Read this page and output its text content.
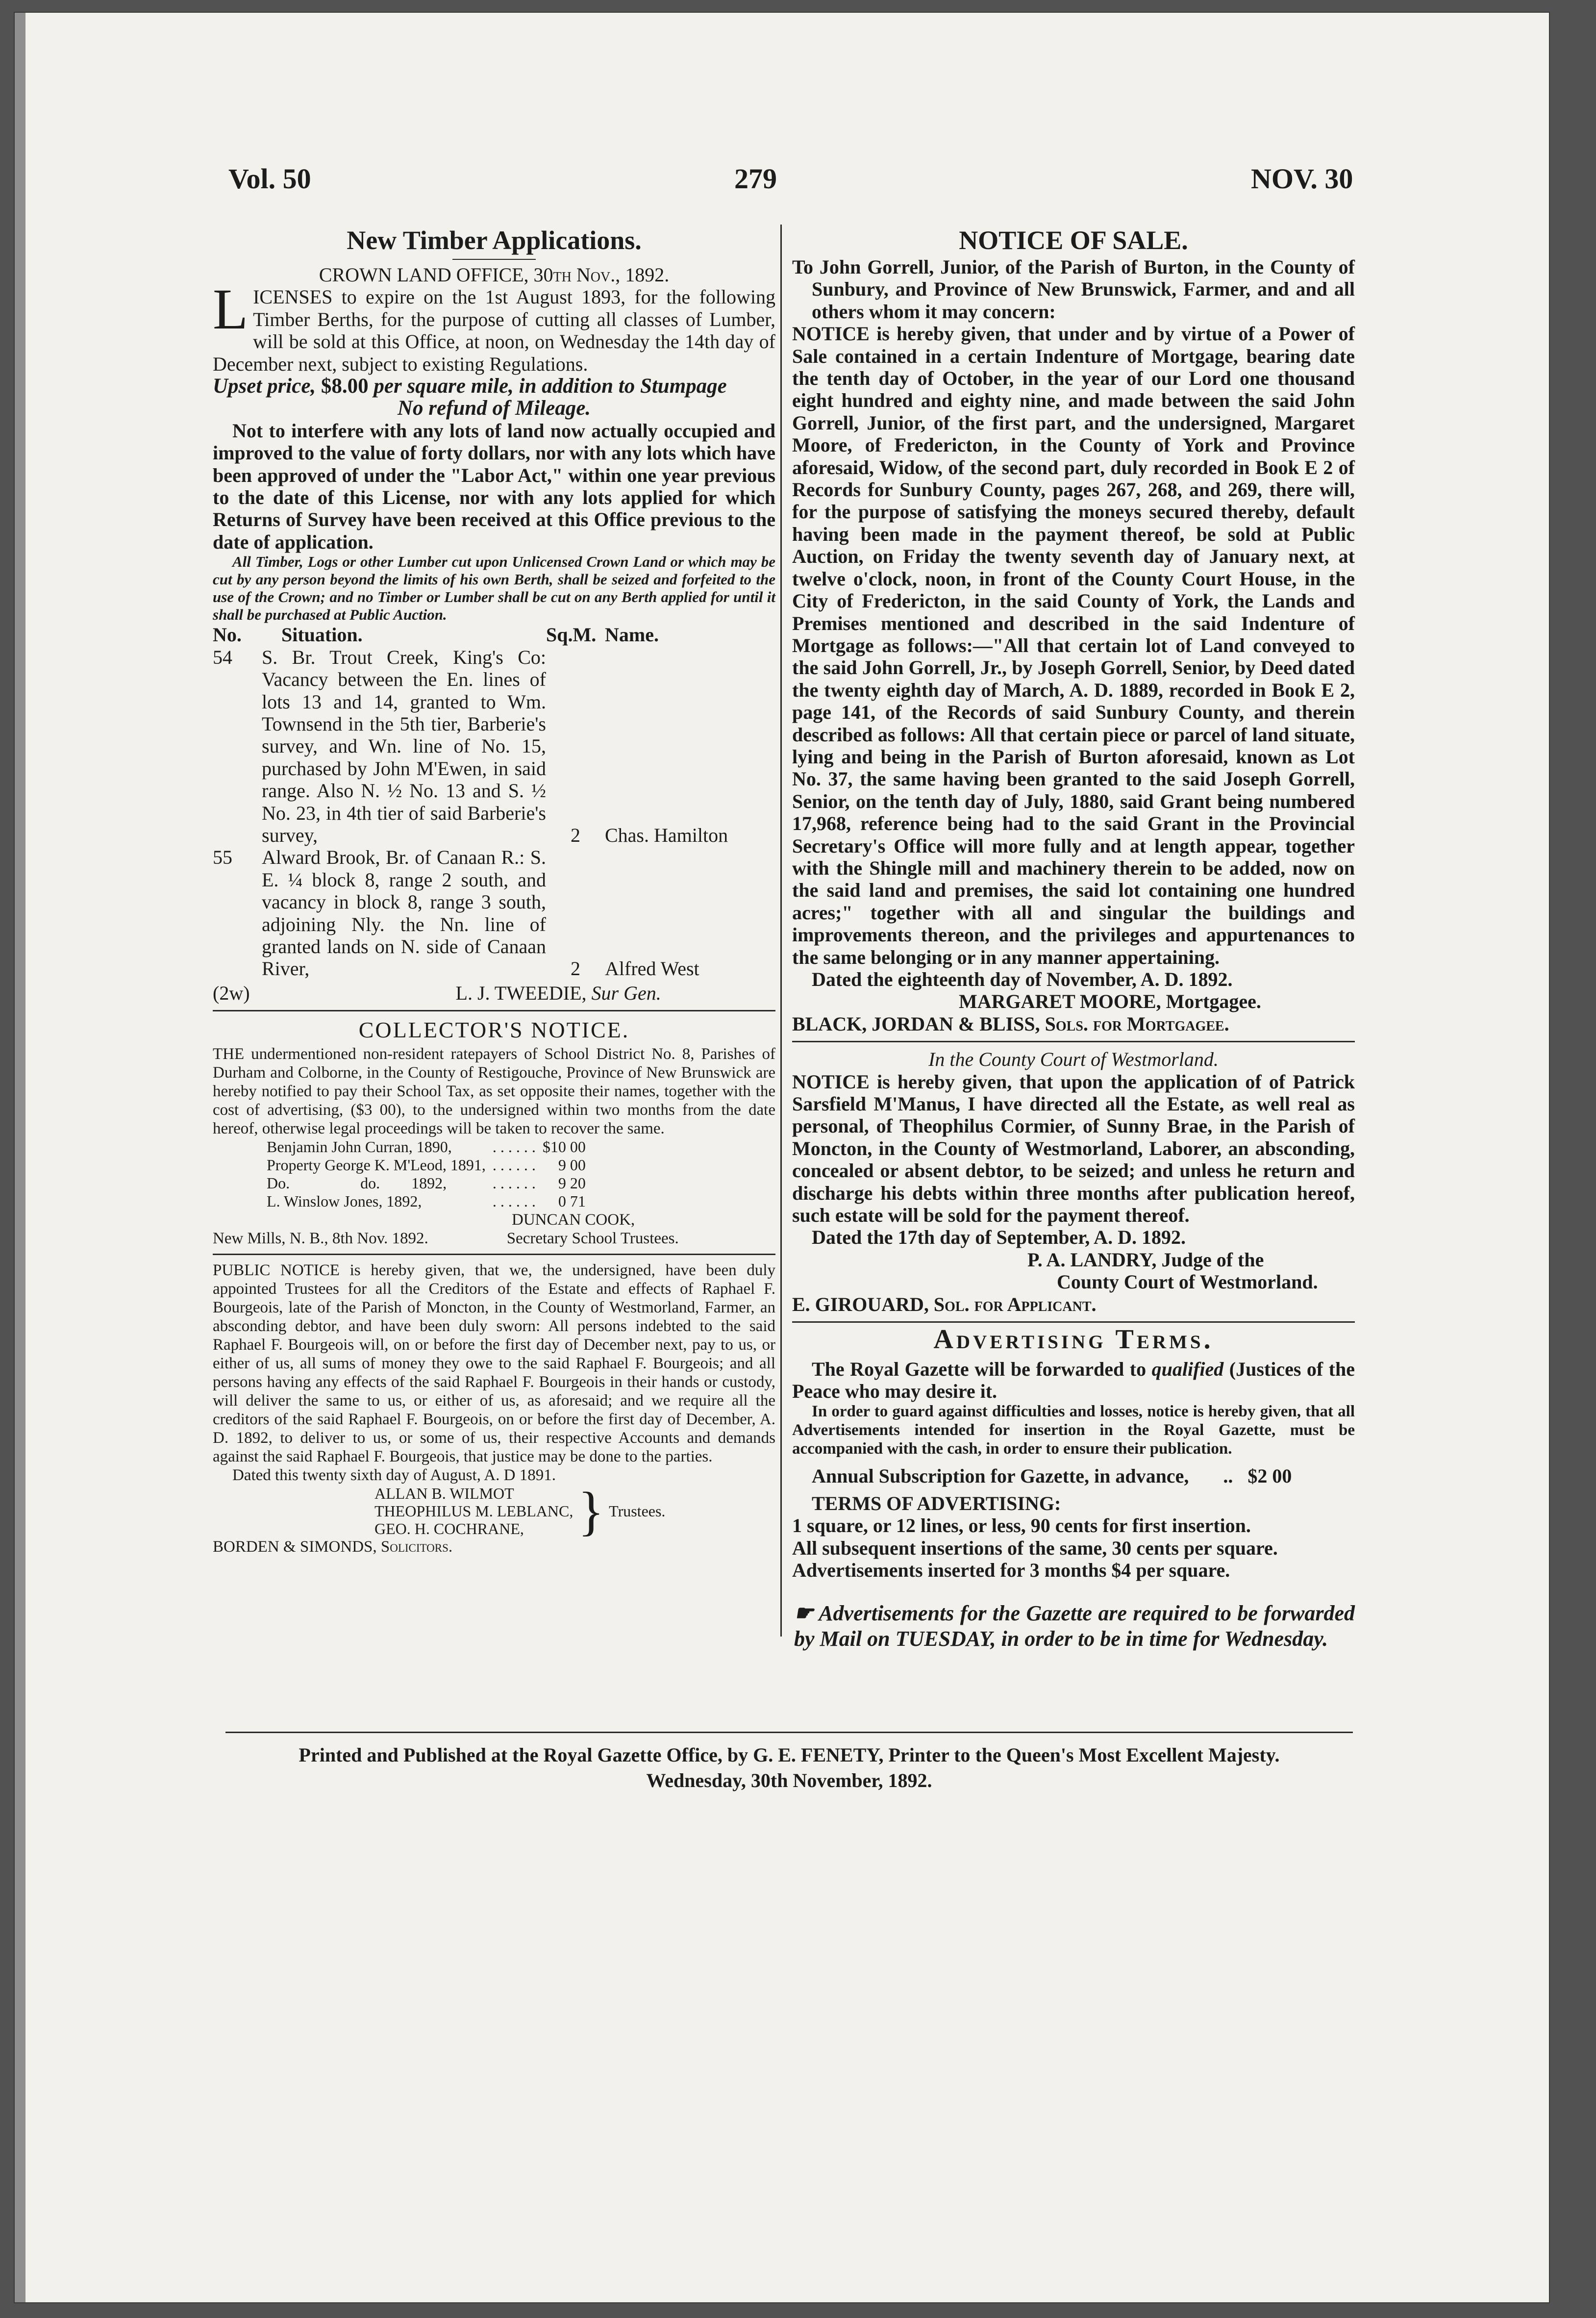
Vol. 50	279	NOV. 30
New Timber Applications.

CROWN LAND OFFICE, 30th Nov., 1892.

LICENSES to expire on the 1st August 1893, for the following Timber Berths, for the purpose of cutting all classes of Lumber, will be sold at this Office, at noon, on Wednesday the 14th day of December next, subject to existing Regulations.

Upset price, $8.00 per square mile, in addition to Stumpage

No refund of Mileage.

Not to interfere with any lots of land now actually occupied and improved to the value of forty dollars, nor with any lots which have been approved of under the "Labor Act," within one year previous to the date of this License, nor with any lots applied for which Returns of Survey have been received at this Office previous to the date of application.

All Timber, Logs or other Lumber cut upon Unlicensed Crown Land or which may be cut by any person beyond the limits of his own Berth, shall be seized and forfeited to the use of the Crown; and no Timber or Lumber shall be cut on any Berth applied for until it shall be purchased at Public Auction.

No.	Situation.	Sq.M.	Name.
54	S. Br. Trout Creek, King's Co: Vacancy between the En. lines of lots 13 and 14, granted to Wm. Townsend in the 5th tier, Barberie's survey, and Wn. line of No. 15, purchased by John M'Ewen, in said range. Also N. ½ No. 13 and S. ½ No. 23, in 4th tier of said Barberie's survey,	2	Chas. Hamilton
55	Alward Brook, Br. of Canaan R.: S. E. ¼ block 8, range 2 south, and vacancy in block 8, range 3 south, adjoining Nly. the Nn. line of granted lands on N. side of Canaan River,	2	Alfred West

(2w)	L. J. TWEEDIE, Sur Gen.

COLLECTOR'S NOTICE.

THE undermentioned non-resident ratepayers of School District No. 8, Parishes of Durham and Colborne, in the County of Restigouche, Province of New Brunswick are hereby notified to pay their School Tax, as set opposite their names, together with the cost of advertising, ($3 00), to the undersigned within two months from the date hereof, otherwise legal proceedings will be taken to recover the same.

Benjamin John Curran, 1890,	. . . . . .	$10 00
Property George K. M'Leod, 1891,	. . . . . .	9 00
Do.                  do.        1892,	. . . . . .	9 20
L. Winslow Jones, 1892,	. . . . . .	0 71

DUNCAN COOK,

New Mills, N. B., 8th Nov. 1892.	Secretary School Trustees.

PUBLIC NOTICE is hereby given, that we, the undersigned, have been duly appointed Trustees for all the Creditors of the Estate and effects of Raphael F. Bourgeois, late of the Parish of Moncton, in the County of Westmorland, Farmer, an absconding debtor, and have been duly sworn: All persons indebted to the said Raphael F. Bourgeois will, on or before the first day of December next, pay to us, or either of us, all sums of money they owe to the said Raphael F. Bourgeois; and all persons having any effects of the said Raphael F. Bourgeois in their hands or custody, will deliver the same to us, or either of us, as aforesaid; and we require all the creditors of the said Raphael F. Bourgeois, on or before the first day of December, A. D. 1892, to deliver to us, or some of us, their respective Accounts and demands against the said Raphael F. Bourgeois, that justice may be done to the parties.

Dated this twenty sixth day of August, A. D 1891.

ALLAN B. WILMOT
THEOPHILUS M. LEBLANC,
GEO. H. COCHRANE,	} Trustees.

BORDEN & SIMONDS, Solicitors.

NOTICE OF SALE.

To John Gorrell, Junior, of the Parish of Burton, in the County of Sunbury, and Province of New Brunswick, Farmer, and and all others whom it may concern:

NOTICE is hereby given, that under and by virtue of a Power of Sale contained in a certain Indenture of Mortgage, bearing date the tenth day of October, in the year of our Lord one thousand eight hundred and eighty nine, and made between the said John Gorrell, Junior, of the first part, and the undersigned, Margaret Moore, of Fredericton, in the County of York and Province aforesaid, Widow, of the second part, duly recorded in Book E 2 of Records for Sunbury County, pages 267, 268, and 269, there will, for the purpose of satisfying the moneys secured thereby, default having been made in the payment thereof, be sold at Public Auction, on Friday the twenty seventh day of January next, at twelve o'clock, noon, in front of the County Court House, in the City of Fredericton, in the said County of York, the Lands and Premises mentioned and described in the said Indenture of Mortgage as follows:—"All that certain lot of Land conveyed to the said John Gorrell, Jr., by Joseph Gorrell, Senior, by Deed dated the twenty eighth day of March, A. D. 1889, recorded in Book E 2, page 141, of the Records of said Sunbury County, and therein described as follows: All that certain piece or parcel of land situate, lying and being in the Parish of Burton aforesaid, known as Lot No. 37, the same having been granted to the said Joseph Gorrell, Senior, on the tenth day of July, 1880, said Grant being numbered 17,968, reference being had to the said Grant in the Provincial Secretary's Office will more fully and at length appear, together with the Shingle mill and machinery therein to be added, now on the said land and premises, the said lot containing one hundred acres;" together with all and singular the buildings and improvements thereon, and the privileges and appurtenances to the same belonging or in any manner appertaining.

Dated the eighteenth day of November, A. D. 1892.

MARGARET MOORE, Mortgagee.

BLACK, JORDAN & BLISS, Sols. for Mortgagee.

In the County Court of Westmorland.

NOTICE is hereby given, that upon the application of of Patrick Sarsfield M'Manus, I have directed all the Estate, as well real as personal, of Theophilus Cormier, of Sunny Brae, in the Parish of Moncton, in the County of Westmorland, Laborer, an absconding, concealed or absent debtor, to be seized; and unless he return and discharge his debts within three months after publication hereof, such estate will be sold for the payment thereof.

Dated the 17th day of September, A. D. 1892.

P. A. LANDRY, Judge of the

County Court of Westmorland.

E. GIROUARD, Sol. for Applicant.

Advertising Terms.

The Royal Gazette will be forwarded to qualified (Justices of the Peace who may desire it.

In order to guard against difficulties and losses, notice is hereby given, that all Advertisements intended for insertion in the Royal Gazette, must be accompanied with the cash, in order to ensure their publication.

Annual Subscription for Gazette, in advance, .. $2 00

TERMS OF ADVERTISING:

1 square, or 12 lines, or less, 90 cents for first insertion.

All subsequent insertions of the same, 30 cents per square.

Advertisements inserted for 3 months $4 per square.

☛ Advertisements for the Gazette are required to be forwarded by Mail on TUESDAY, in order to be in time for Wednesday.

Printed and Published at the Royal Gazette Office, by G. E. FENETY, Printer to the Queen's Most Excellent Majesty.
Wednesday, 30th November, 1892.
